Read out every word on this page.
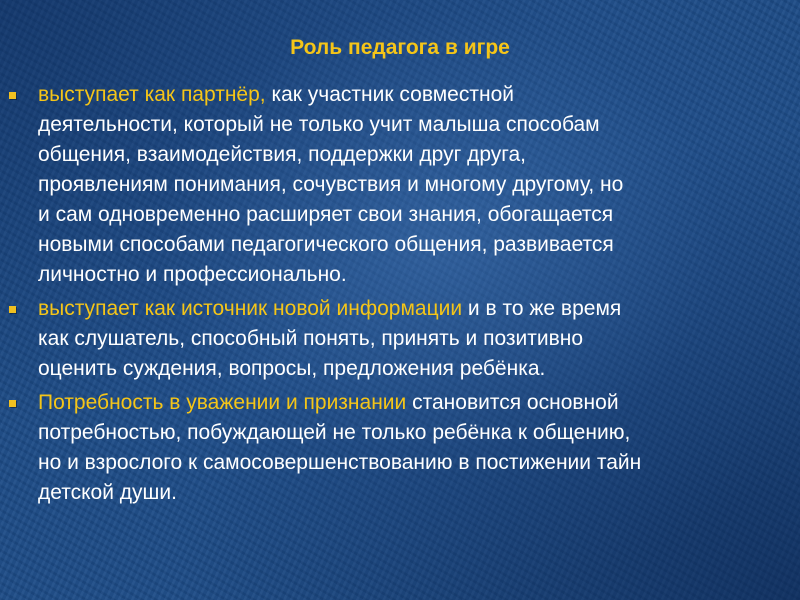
Роль педагога в игре
выступает как партнёр, как участник совместной
деятельности, который не только учит малыша способам
общения, взаимодействия, поддержки друг друга,
проявлениям понимания, сочувствия и многому другому, но
и сам одновременно расширяет свои знания, обогащается
новыми способами педагогического общения, развивается
личностно и профессионально.
выступает как источник новой информации и в то же время
как слушатель, способный понять, принять и позитивно
оценить суждения, вопросы, предложения ребёнка.
Потребность в уважении и признании становится основной
потребностью, побуждающей не только ребёнка к общению,
но и взрослого к самосовершенствованию в постижении тайн
детской души.
